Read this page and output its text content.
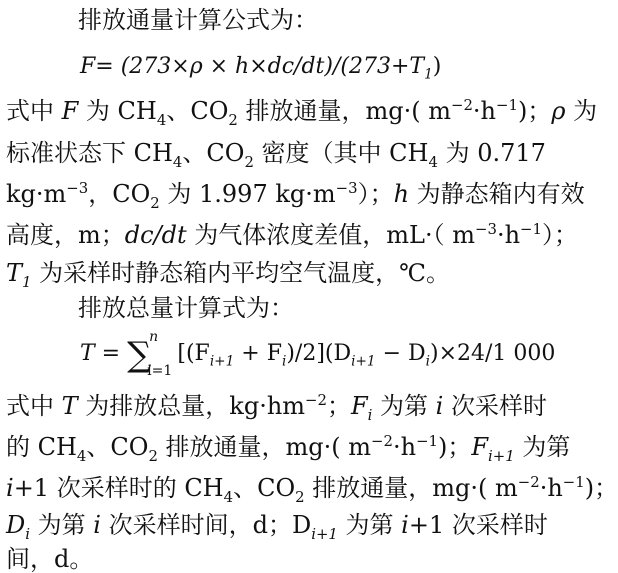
排放通量计算公式为：
$F= (273\times\rho \times h\times dc/dt)/(273+T_1)$
式中 F 为 $CH_4$、$CO_2$ 排放通量，mg·( $m^{-2}\cdot h^{-1}$)；ρ 为
标准状态下 $CH_4$、$CO_2$ 密度（其中 $CH_4$ 为 0.717
$kg\cdot m^{-3}$，$CO_2$ 为 1.997 $kg\cdot m^{-3}$）；h 为静态箱内有效
高度，m；dc/dt 为气体浓度差值，mL·（ $m^{-3}\cdot h^{-1}$）；
$T_1$ 为采样时静态箱内平均空气温度，℃。
排放总量计算式为：
T = ∑
n
i=1
$[(F_{i+1} + F_i)/2](D_{i+1} - D_i)\times 24/1$ 000
式中 T 为排放总量，$kg\cdot hm^{-2}$；$F_i$ 为第 i 次采样时
的 $CH_4$、$CO_2$ 排放通量，mg·( $m^{-2}\cdot h^{-1}$)；$F_{i+1}$ 为第
i+1 次采样时的 $CH_4$、$CO_2$ 排放通量，mg·( $m^{-2}\cdot h^{-1}$)；
$D_i$ 为第 i 次采样时间，d；$D_{i+1}$ 为第 i+1 次采样时
间，d。
